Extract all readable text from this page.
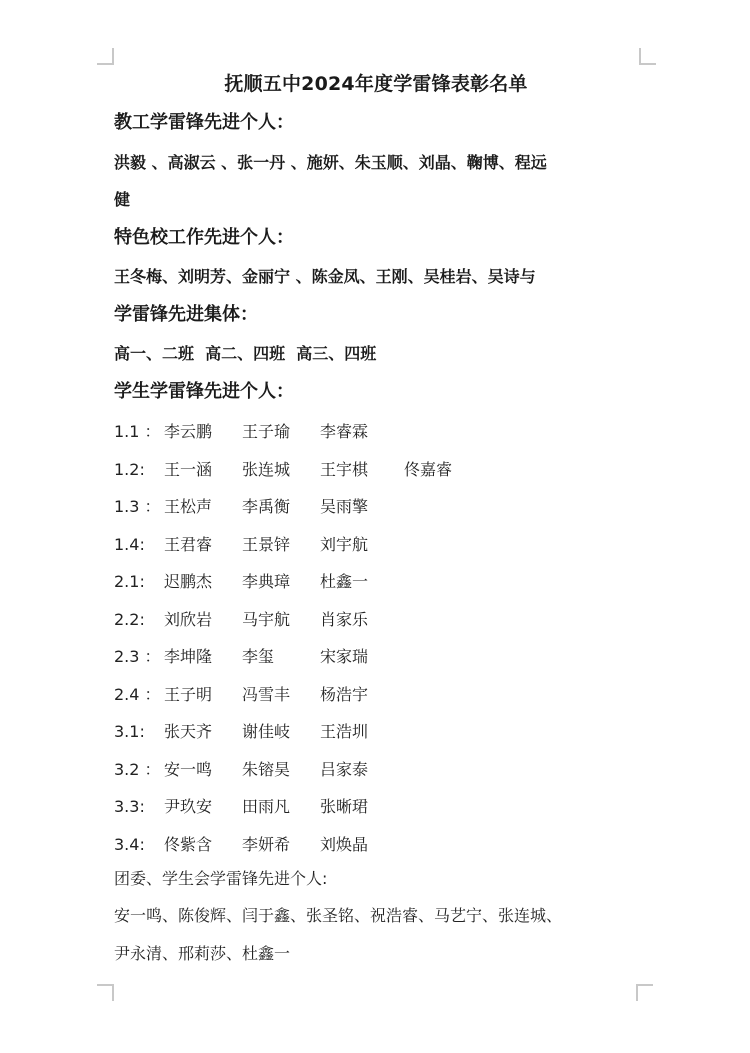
抚顺五中2024年度学雷锋表彰名单
教工学雷锋先进个人：
洪毅 、高淑云 、张一丹 、施妍、朱玉顺、刘晶、鞠博、程远
健
特色校工作先进个人：
王冬梅、刘明芳、金丽宁 、陈金凤、王刚、吴桂岩、吴诗与
学雷锋先进集体：
高一、二班  高二、四班  高三、四班
学生学雷锋先进个人：
1.1 ： 李云鹏 王子瑜 李睿霖
1.2:	王一涵 张连城 王宇棋 佟嘉睿
1.3 ： 王松声 李禹衡 吴雨擎
1.4:	王君睿 王景锌 刘宇航
2.1:	迟鹏杰 李典璋 杜鑫一
2.2:	刘欣岩 马宇航 肖家乐
2.3 ： 李坤隆 李玺	宋家瑞
2.4 ： 王子明 冯雪丰 杨浩宇
3.1:	张天齐 谢佳岐 王浩圳
3.2 ： 安一鸣 朱镕昊 吕家泰
3.3:	尹玖安 田雨凡 张晰珺
3.4:	佟紫含 李妍希 刘焕晶
团委、学生会学雷锋先进个人:
安一鸣、陈俊辉、闫于鑫、张圣铭、祝浩睿、马艺宁、张连城、
尹永清、邢莉莎、杜鑫一
